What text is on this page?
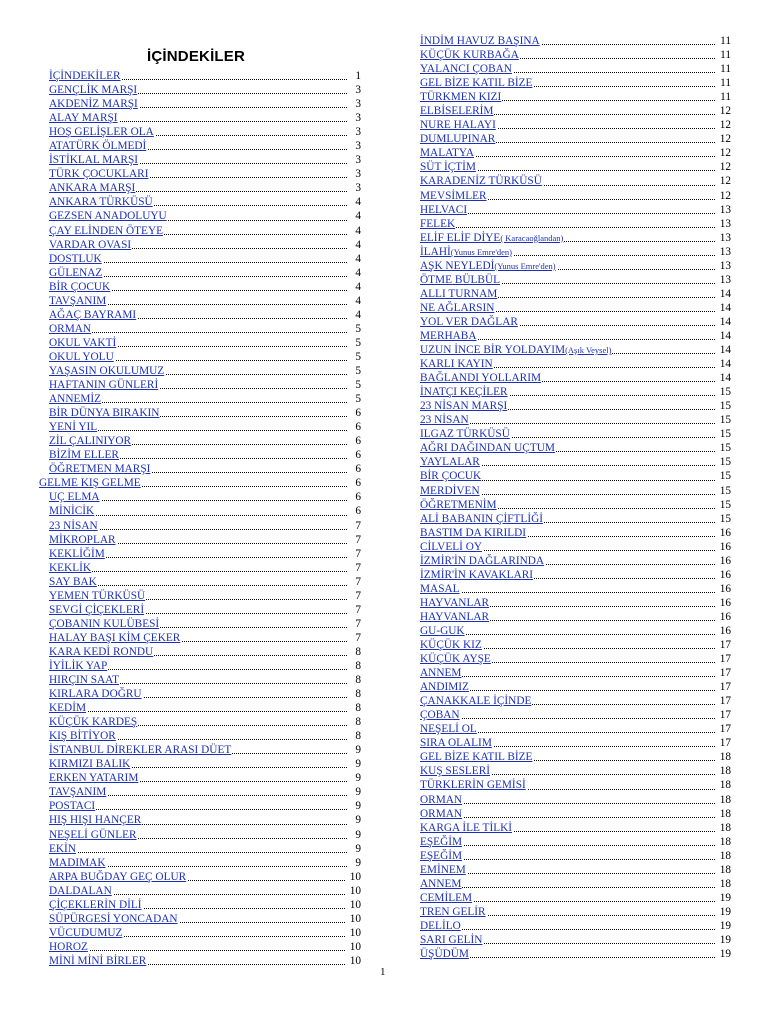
İÇİNDEKİLER
İÇİNDEKİLER	1
GENÇLİK MARŞI	3
AKDENİZ MARŞI	3
ALAY MARŞI	3
HOŞ GELİŞLER OLA	3
ATATÜRK ÖLMEDİ	3
İSTİKLAL MARŞI	3
TÜRK ÇOCUKLARI	3
ANKARA MARŞI	3
ANKARA TÜRKÜSÜ	4
GEZSEN ANADOLUYU	4
ÇAY ELİNDEN ÖTEYE	4
VARDAR OVASI	4
DOSTLUK	4
GÜLENAZ	4
BİR ÇOCUK	4
TAVŞANIM	4
AĞAÇ BAYRAMI	4
ORMAN	5
OKUL VAKTİ	5
OKUL YOLU	5
YAŞASIN OKULUMUZ	5
HAFTANIN GÜNLERİ	5
ANNEMİZ	5
BİR DÜNYA BIRAKIN	6
YENİ YIL	6
ZİL ÇALINIYOR	6
BİZİM ELLER	6
ÖĞRETMEN MARŞI	6
GELME KIŞ GELME	6
UÇ ELMA	6
MİNİCİK	6
23 NİSAN	7
MİKROPLAR	7
KEKLİĞİM	7
KEKLİK	7
SAY BAK	7
YEMEN TÜRKÜSÜ	7
SEVGİ ÇİÇEKLERİ	7
ÇOBANIN KULÜBESİ	7
HALAY BAŞI KİM ÇEKER	7
KARA KEDİ RONDU	8
İYİLİK YAP	8
HIRÇIN SAAT	8
KIRLARA DOĞRU	8
KEDİM	8
KÜÇÜK KARDEŞ	8
KIŞ BİTİYOR	8
İSTANBUL DİREKLER ARASI DÜET	9
KIRMIZI BALIK	9
ERKEN YATARIM	9
TAVŞANIM	9
POSTACI	9
HIŞ HIŞI HANÇER	9
NEŞELİ GÜNLER	9
EKİN	9
MADIMAK	9
ARPA BUĞDAY GEÇ OLUR	10
DALDALAN	10
ÇİÇEKLERİN DİLİ	10
SÜPÜRGESİ YONCADAN	10
VÜCUDUMUZ	10
HOROZ	10
MİNİ MİNİ BİRLER	10
İNDİM HAVUZ BAŞINA	11
KÜÇÜK KURBAĞA	11
YALANCI ÇOBAN	11
GEL BİZE KATIL BİZE	11
TÜRKMEN KIZI	11
ELBİSELERİM	12
NURE HALAYI	12
DUMLUPINAR	12
MALATYA	12
SÜT İÇTİM	12
KARADENİZ TÜRKÜSÜ	12
MEVSİMLER	12
HELVACI	13
FELEK	13
ELİF ELİF DİYE( Karacaoğlandan)	13
İLAHİ(Yunus Emre'den)	13
AŞK NEYLEDİ(Yunus Emre'den)	13
ÖTME BÜLBÜL	13
ALLI TURNAM	14
NE AĞLARSIN	14
YOL VER DAĞLAR	14
MERHABA	14
UZUN İNCE BİR YOLDAYIM(Aşık Veysel)	14
KARLI KAYIN	14
BAĞLANDI YOLLARIM	14
İNATÇI KEÇİLER	15
23 NİSAN MARŞI	15
23 NİSAN	15
ILGAZ TÜRKÜSÜ	15
AĞRI DAĞINDAN UÇTUM	15
YAYLALAR	15
BİR ÇOCUK	15
MERDİVEN	15
ÖĞRETMENİM	15
ALİ BABANIN ÇİFTLİĞİ	15
BASTIM DA KIRILDI	16
CİLVELİ OY	16
İZMİR'İN DAĞLARINDA	16
İZMİR'İN KAVAKLARI	16
MASAL	16
HAYVANLAR	16
HAYVANLAR	16
GU-GUK	16
KÜÇÜK KIZ	17
KÜÇÜK AYŞE	17
ANNEM	17
ANDIMIZ	17
ÇANAKKALE İÇİNDE	17
ÇOBAN	17
NEŞELİ OL	17
SIRA OLALIM	17
GEL BİZE KATIL BİZE	18
KUŞ SESLERİ	18
TÜRKLERİN GEMİSİ	18
ORMAN	18
ORMAN	18
KARGA İLE TİLKİ	18
EŞEĞİM	18
EŞEĞİM	18
EMİNEM	18
ANNEM	18
CEMİLEM	19
TREN GELİR	19
DELİLO	19
SARI GELİN	19
ÜŞÜDÜM	19
1
